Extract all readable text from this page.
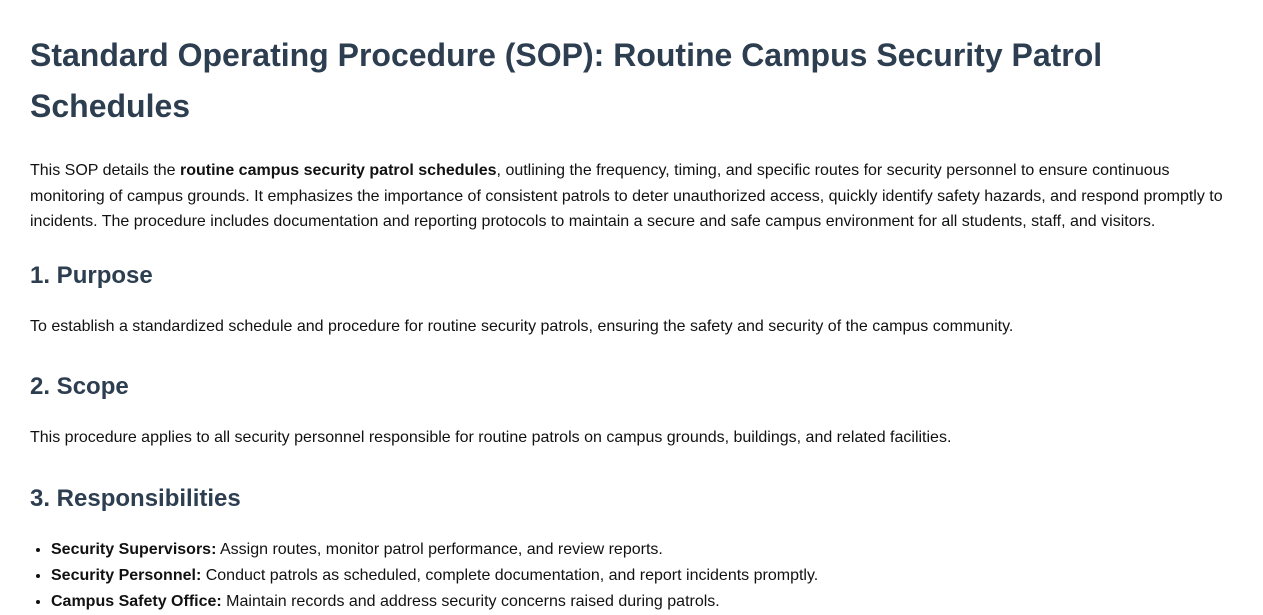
Standard Operating Procedure (SOP): Routine Campus Security Patrol Schedules

This SOP details the routine campus security patrol schedules, outlining the frequency, timing, and specific routes for security personnel to ensure continuous monitoring of campus grounds. It emphasizes the importance of consistent patrols to deter unauthorized access, quickly identify safety hazards, and respond promptly to incidents. The procedure includes documentation and reporting protocols to maintain a secure and safe campus environment for all students, staff, and visitors.

1. Purpose

To establish a standardized schedule and procedure for routine security patrols, ensuring the safety and security of the campus community.

2. Scope

This procedure applies to all security personnel responsible for routine patrols on campus grounds, buildings, and related facilities.

3. Responsibilities
• Security Supervisors: Assign routes, monitor patrol performance, and review reports.
• Security Personnel: Conduct patrols as scheduled, complete documentation, and report incidents promptly.
• Campus Safety Office: Maintain records and address security concerns raised during patrols.
